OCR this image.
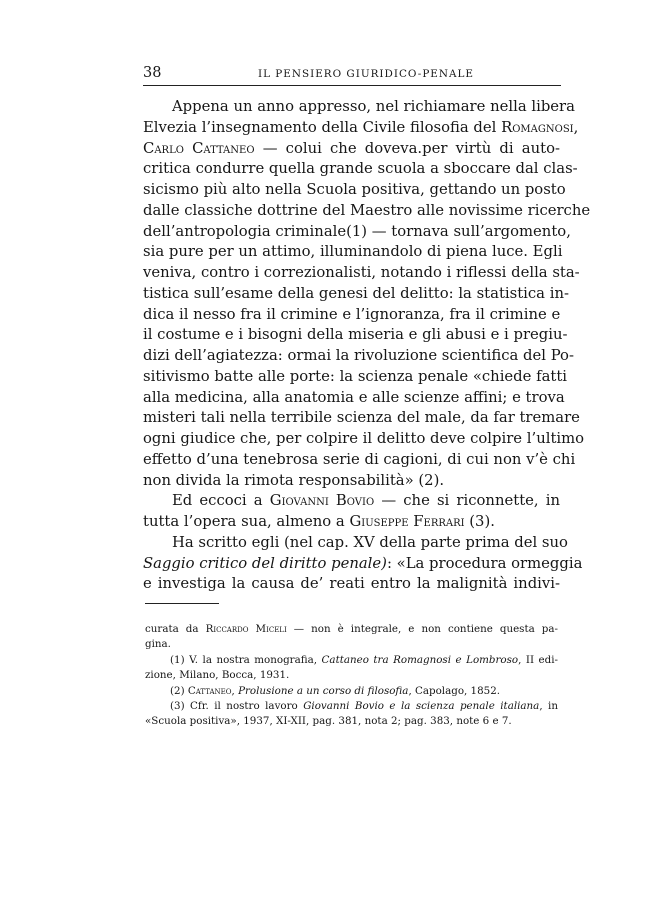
38	IL PENSIERO GIURIDICO-PENALE
Appena un anno appresso, nel richiamare nella libera
Elvezia l’insegnamento della Civile filosofia del Romagnosi,
Carlo Cattaneo — colui che doveva.per virtù di auto-
critica condurre quella grande scuola a sboccare dal clas-
sicismo più alto nella Scuola positiva, gettando un posto
dalle classiche dottrine del Maestro alle novissime ricerche
dell’antropologia criminale(1) — tornava sull’argomento,
sia pure per un attimo, illuminandolo di piena luce. Egli
veniva, contro i correzionalisti, notando i riflessi della sta-
tistica sull’esame della genesi del delitto: la statistica in-
dica il nesso fra il crimine e l’ignoranza, fra il crimine e
il costume e i bisogni della miseria e gli abusi e i pregiu-
dizi dell’agiatezza: ormai la rivoluzione scientifica del Po-
sitivismo batte alle porte: la scienza penale «chiede fatti
alla medicina, alla anatomia e alle scienze affini; e trova
misteri tali nella terribile scienza del male, da far tremare
ogni giudice che, per colpire il delitto deve colpire l’ultimo
effetto d’una tenebrosa serie di cagioni, di cui non v’è chi
non divida la rimota responsabilità» (2).
Ed eccoci a Giovanni Bovio — che si riconnette, in
tutta l’opera sua, almeno a Giuseppe Ferrari (3).
Ha scritto egli (nel cap. XV della parte prima del suo
Saggio critico del diritto penale): «La procedura ormeggia
e investiga la causa de’ reati entro la malignità indivi-
curata da Riccardo Miceli — non è integrale, e non contiene questa pa-
gina.
(1) V. la nostra monografia, Cattaneo tra Romagnosi e Lombroso, II edi-
zione, Milano, Bocca, 1931.
(2) Cattaneo, Prolusione a un corso di filosofia, Capolago, 1852.
(3) Cfr. il nostro lavoro Giovanni Bovio e la scienza penale italiana, in
«Scuola positiva», 1937, XI-XII, pag. 381, nota 2; pag. 383, note 6 e 7.
